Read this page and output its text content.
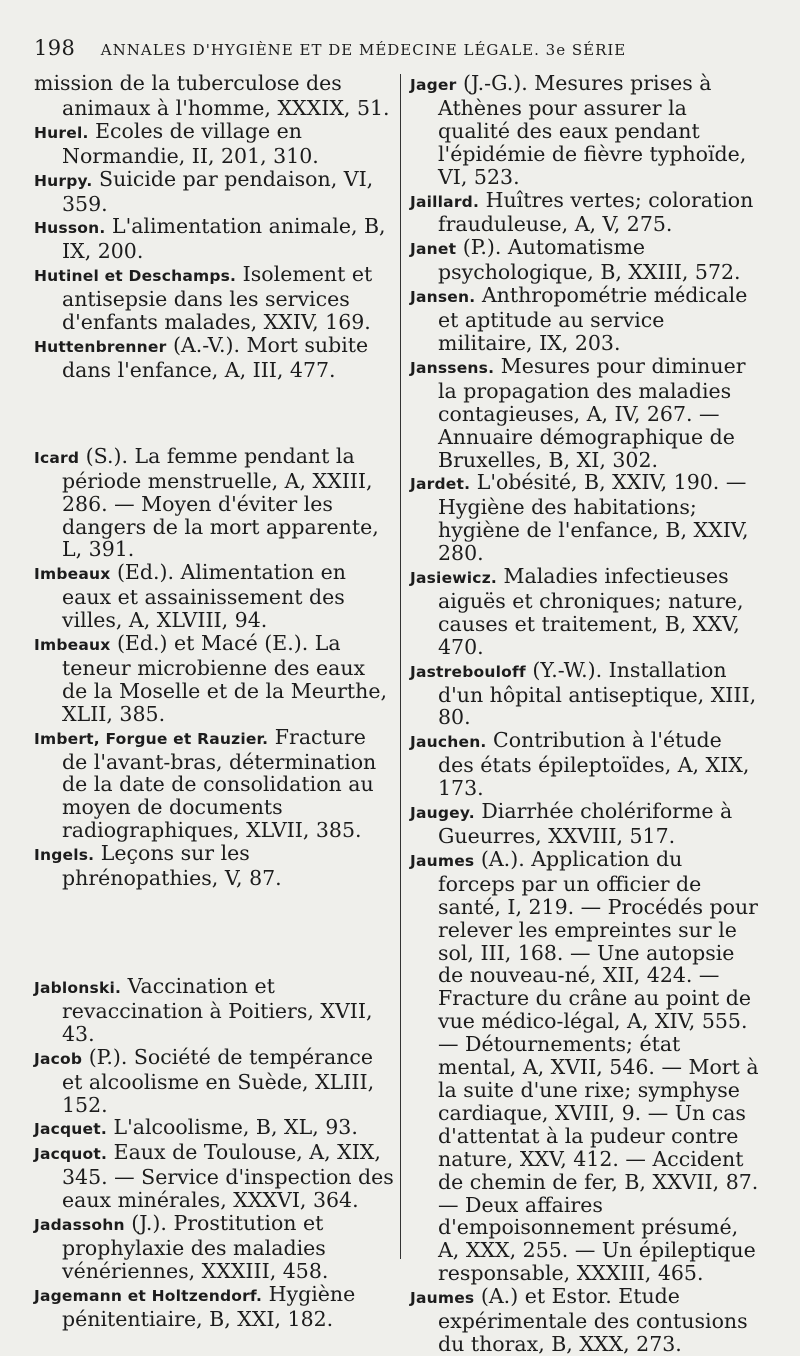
198 ANNALES D'HYGIÈNE ET DE MÉDECINE LÉGALE. 3e SÉRIE

mission de la tuberculose des animaux à l'homme, XXXIX, 51.

Hurel. Ecoles de village en Normandie, II, 201, 310.

Hurpy. Suicide par pendaison, VI, 359.

Husson. L'alimentation animale, B, IX, 200.

Hutinel et Deschamps. Isolement et antisepsie dans les services d'enfants malades, XXIV, 169.

Huttenbrenner (A.-V.). Mort subite dans l'enfance, A, III, 477.

Icard (S.). La femme pendant la période menstruelle, A, XXIII, 286. — Moyen d'éviter les dangers de la mort apparente, L, 391.

Imbeaux (Ed.). Alimentation en eaux et assainissement des villes, A, XLVIII, 94.

Imbeaux (Ed.) et Macé (E.). La teneur microbienne des eaux de la Moselle et de la Meurthe, XLII, 385.

Imbert, Forgue et Rauzier. Fracture de l'avant-bras, détermination de la date de consolidation au moyen de documents radiographiques, XLVII, 385.

Ingels. Leçons sur les phrénopathies, V, 87.

Jablonski. Vaccination et revaccination à Poitiers, XVII, 43.

Jacob (P.). Société de tempérance et alcoolisme en Suède, XLIII, 152.

Jacquet. L'alcoolisme, B, XL, 93.

Jacquot. Eaux de Toulouse, A, XIX, 345. — Service d'inspection des eaux minérales, XXXVI, 364.

Jadassohn (J.). Prostitution et prophylaxie des maladies vénériennes, XXXIII, 458.

Jagemann et Holtzendorf. Hygiène pénitentiaire, B, XXI, 182.

Jager (J.-G.). Mesures prises à Athènes pour assurer la qualité des eaux pendant l'épidémie de fièvre typhoïde, VI, 523.

Jaillard. Huîtres vertes; coloration frauduleuse, A, V, 275.

Janet (P.). Automatisme psychologique, B, XXIII, 572.

Jansen. Anthropométrie médicale et aptitude au service militaire, IX, 203.

Janssens. Mesures pour diminuer la propagation des maladies contagieuses, A, IV, 267. — Annuaire démographique de Bruxelles, B, XI, 302.

Jardet. L'obésité, B, XXIV, 190. — Hygiène des habitations; hygiène de l'enfance, B, XXIV, 280.

Jasiewicz. Maladies infectieuses aiguës et chroniques; nature, causes et traitement, B, XXV, 470.

Jastrebouloff (Y.-W.). Installation d'un hôpital antiseptique, XIII, 80.

Jauchen. Contribution à l'étude des états épileptoïdes, A, XIX, 173.

Jaugey. Diarrhée cholériforme à Gueurres, XXVIII, 517.

Jaumes (A.). Application du forceps par un officier de santé, I, 219. — Procédés pour relever les empreintes sur le sol, III, 168. — Une autopsie de nouveau-né, XII, 424. — Fracture du crâne au point de vue médico-légal, A, XIV, 555. — Détournements; état mental, A, XVII, 546. — Mort à la suite d'une rixe; symphyse cardiaque, XVIII, 9. — Un cas d'attentat à la pudeur contre nature, XXV, 412. — Accident de chemin de fer, B, XXVII, 87. — Deux affaires d'empoisonnement présumé, A, XXX, 255. — Un épileptique responsable, XXXIII, 465.

Jaumes (A.) et Estor. Etude expérimentale des contusions du thorax, B, XXX, 273.
